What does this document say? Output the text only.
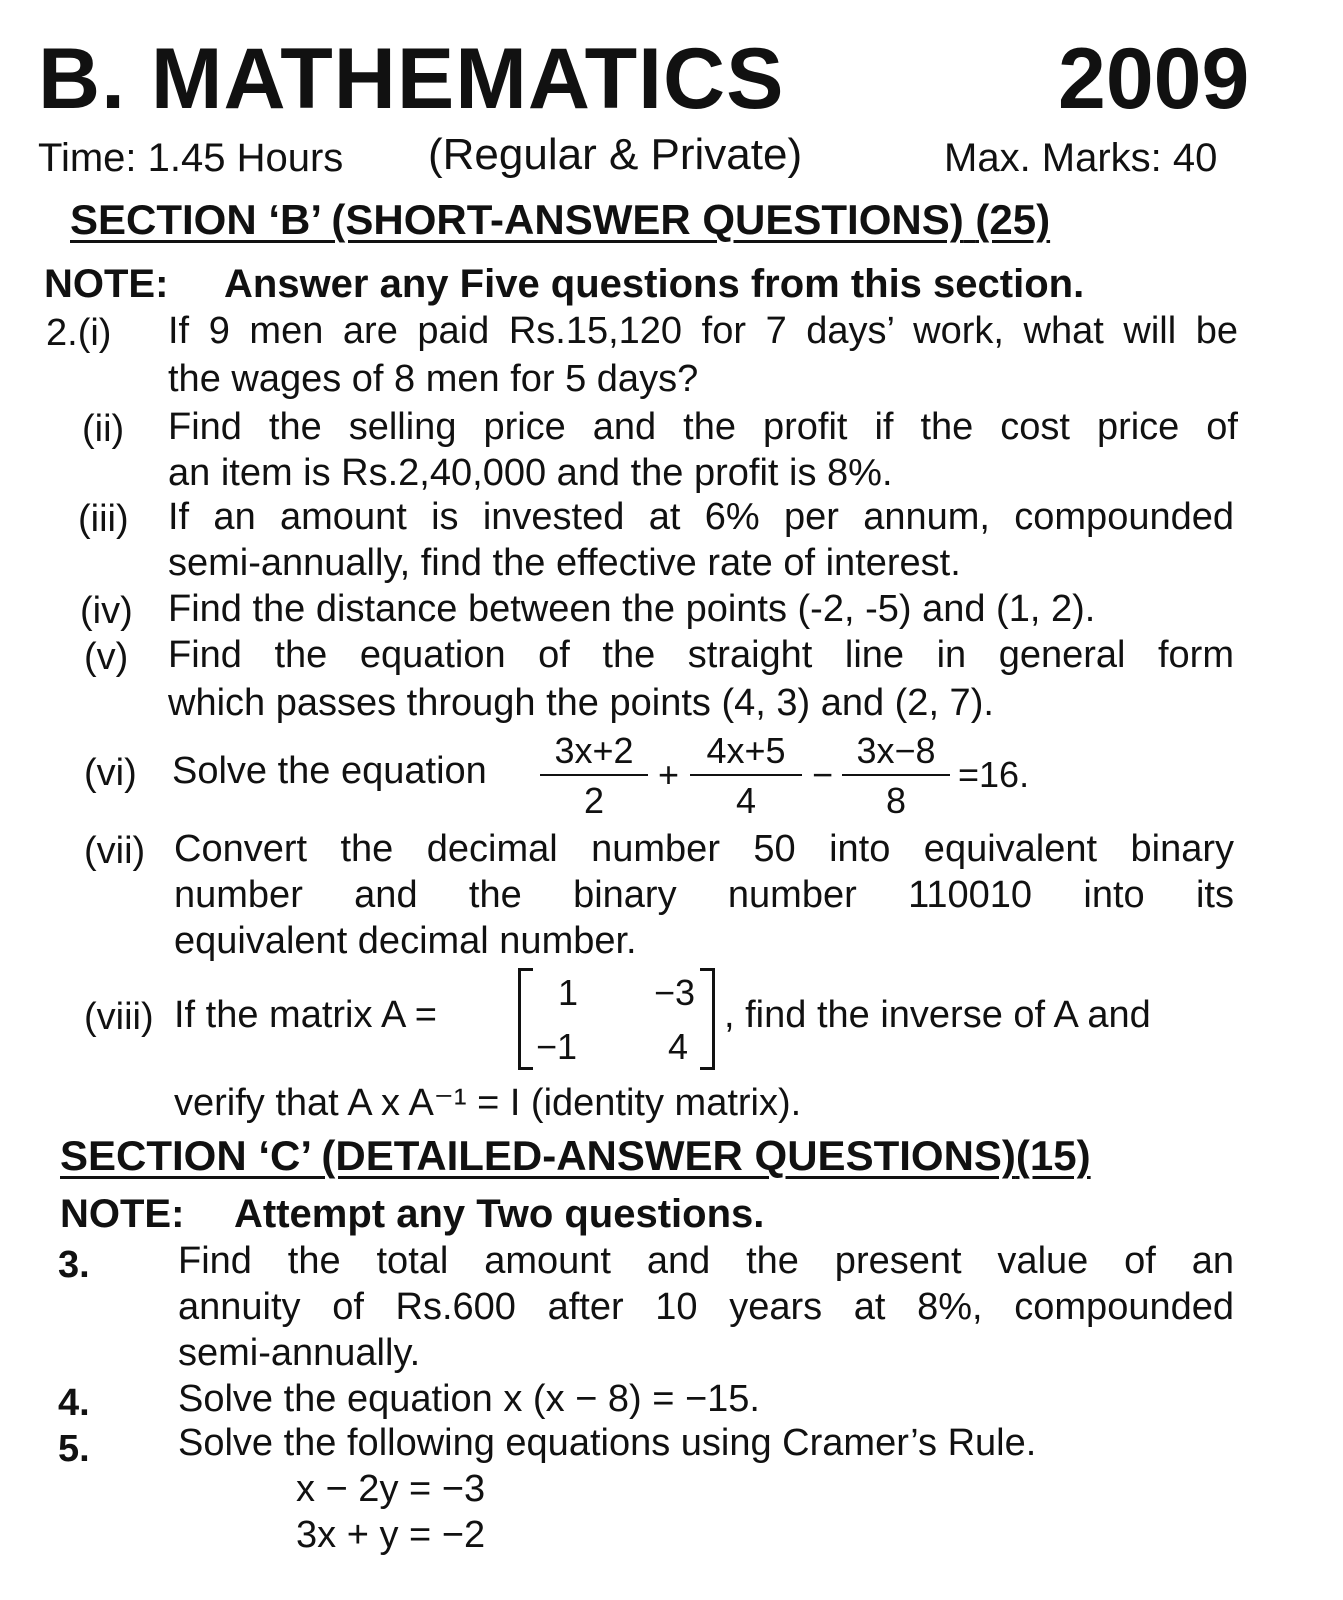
B. MATHEMATICS	2009
Time: 1.45 Hours (Regular & Private)	Max. Marks: 40
SECTION ‘B’ (SHORT-ANSWER QUESTIONS) (25)
NOTE: Answer any Five questions from this section.
2.(i) If 9 men are paid Rs.15,120 for 7 days’ work, what will be
the wages of 8 men for 5 days?
(ii) Find the selling price and the profit if the cost price of
an item is Rs.2,40,000 and the profit is 8%.
(iii) If an amount is invested at 6% per annum, compounded
semi-annually, find the effective rate of interest.
(iv) Find the distance between the points (-2, -5) and (1, 2).
(v) Find the equation of the straight line in general form
which passes through the points (4, 3) and (2, 7).
(vi) Solve the equation $\frac{3x+2}{2} + \frac{4x+5}{4} - \frac{3x-8}{8} =16$.
(vii) Convert the decimal number 50 into equivalent binary
number and the binary number 110010 into its
equivalent decimal number.
(viii) If the matrix A =
1 −3
−1	4
, find the inverse of A and
verify that A x A⁻¹ = I (identity matrix).
SECTION ‘C’ (DETAILED-ANSWER QUESTIONS)(15)
NOTE: Attempt any Two questions.
3. Find the total amount and the present value of an
annuity of Rs.600 after 10 years at 8%, compounded
semi-annually.
4. Solve the equation x (x − 8) = −15.
5. Solve the following equations using Cramer’s Rule.
x − 2y = −3
3x + y = −2
